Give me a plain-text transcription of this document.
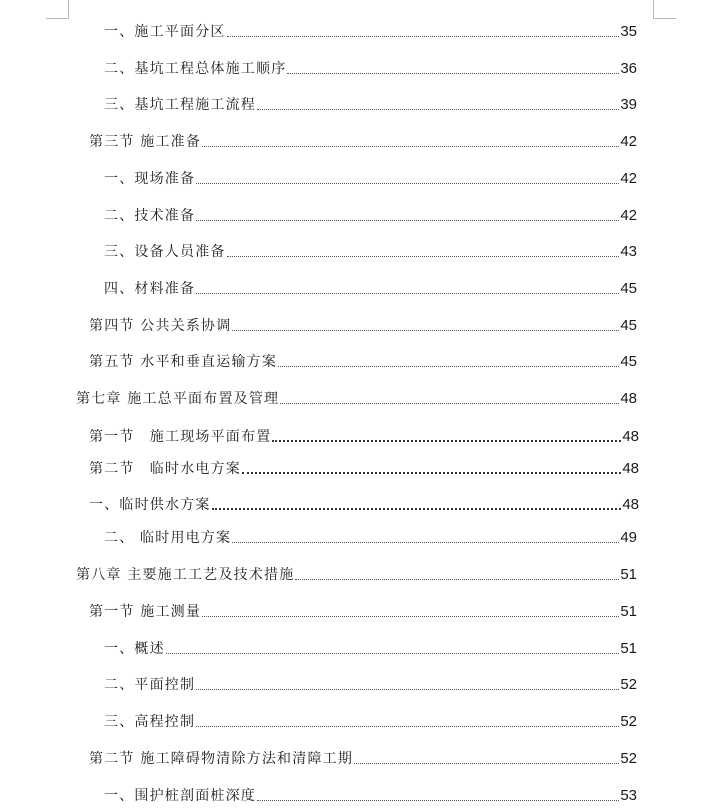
一、施工平面分区	35
二、基坑工程总体施工顺序	36
三、基坑工程施工流程	39
第三节 施工准备	42
一、现场准备	42
二、技术准备	42
三、设备人员准备	43
四、材料准备	45
第四节 公共关系协调	45
第五节 水平和垂直运输方案	45
第七章 施工总平面布置及管理	48
第一节　施工现场平面布置	48
第二节　临时水电方案	48
一、临时供水方案	48
二、 临时用电方案	49
第八章 主要施工工艺及技术措施	51
第一节 施工测量	51
一、概述	51
二、平面控制	52
三、高程控制	52
第二节 施工障碍物清除方法和清障工期	52
一、围护桩剖面桩深度	53
